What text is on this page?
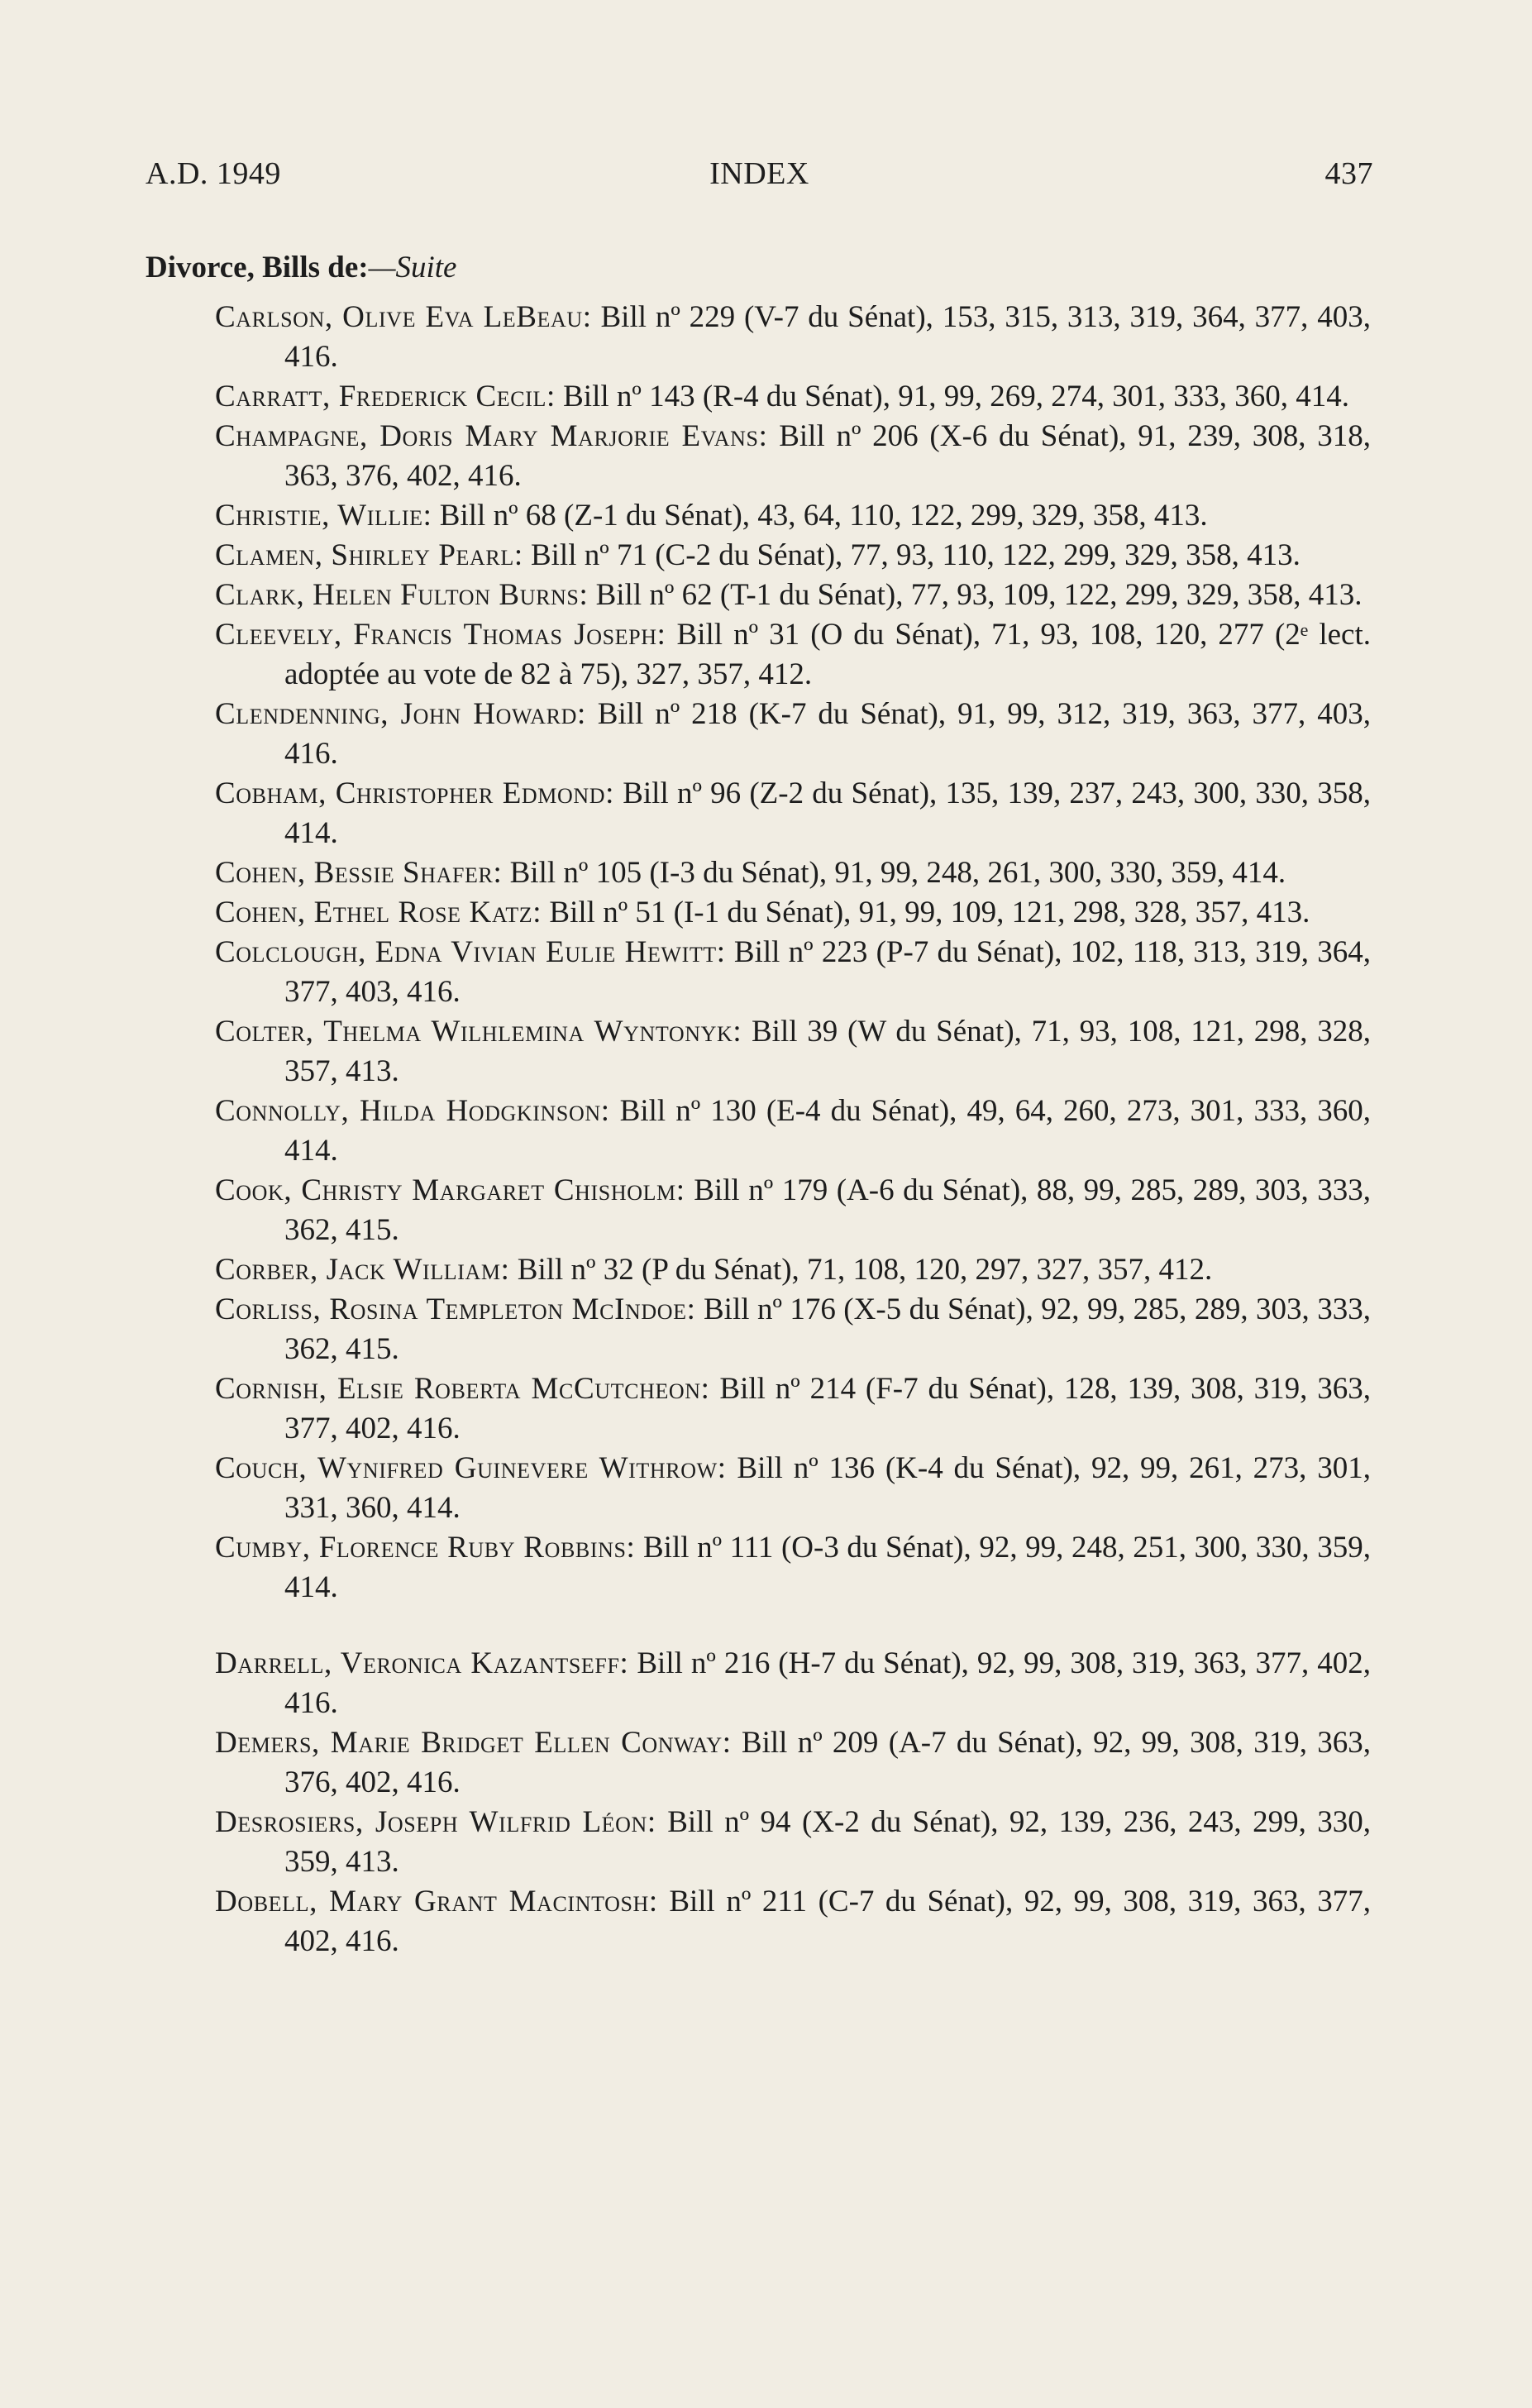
A.D. 1949	INDEX	437
Divorce, Bills de:—Suite

Carlson, Olive Eva LeBeau: Bill nº 229 (V-7 du Sénat), 153, 315, 313, 319, 364, 377, 403, 416.

Carratt, Frederick Cecil: Bill nº 143 (R-4 du Sénat), 91, 99, 269, 274, 301, 333, 360, 414.

Champagne, Doris Mary Marjorie Evans: Bill nº 206 (X-6 du Sénat), 91, 239, 308, 318, 363, 376, 402, 416.

Christie, Willie: Bill nº 68 (Z-1 du Sénat), 43, 64, 110, 122, 299, 329, 358, 413.

Clamen, Shirley Pearl: Bill nº 71 (C-2 du Sénat), 77, 93, 110, 122, 299, 329, 358, 413.

Clark, Helen Fulton Burns: Bill nº 62 (T-1 du Sénat), 77, 93, 109, 122, 299, 329, 358, 413.

Cleevely, Francis Thomas Joseph: Bill nº 31 (O du Sénat), 71, 93, 108, 120, 277 (2ᵉ lect. adoptée au vote de 82 à 75), 327, 357, 412.

Clendenning, John Howard: Bill nº 218 (K-7 du Sénat), 91, 99, 312, 319, 363, 377, 403, 416.

Cobham, Christopher Edmond: Bill nº 96 (Z-2 du Sénat), 135, 139, 237, 243, 300, 330, 358, 414.

Cohen, Bessie Shafer: Bill nº 105 (I-3 du Sénat), 91, 99, 248, 261, 300, 330, 359, 414.

Cohen, Ethel Rose Katz: Bill nº 51 (I-1 du Sénat), 91, 99, 109, 121, 298, 328, 357, 413.

Colclough, Edna Vivian Eulie Hewitt: Bill nº 223 (P-7 du Sénat), 102, 118, 313, 319, 364, 377, 403, 416.

Colter, Thelma Wilhlemina Wyntonyk: Bill 39 (W du Sénat), 71, 93, 108, 121, 298, 328, 357, 413.

Connolly, Hilda Hodgkinson: Bill nº 130 (E-4 du Sénat), 49, 64, 260, 273, 301, 333, 360, 414.

Cook, Christy Margaret Chisholm: Bill nº 179 (A-6 du Sénat), 88, 99, 285, 289, 303, 333, 362, 415.

Corber, Jack William: Bill nº 32 (P du Sénat), 71, 108, 120, 297, 327, 357, 412.

Corliss, Rosina Templeton McIndoe: Bill nº 176 (X-5 du Sénat), 92, 99, 285, 289, 303, 333, 362, 415.

Cornish, Elsie Roberta McCutcheon: Bill nº 214 (F-7 du Sénat), 128, 139, 308, 319, 363, 377, 402, 416.

Couch, Wynifred Guinevere Withrow: Bill nº 136 (K-4 du Sénat), 92, 99, 261, 273, 301, 331, 360, 414.

Cumby, Florence Ruby Robbins: Bill nº 111 (O-3 du Sénat), 92, 99, 248, 251, 300, 330, 359, 414.

Darrell, Veronica Kazantseff: Bill nº 216 (H-7 du Sénat), 92, 99, 308, 319, 363, 377, 402, 416.

Demers, Marie Bridget Ellen Conway: Bill nº 209 (A-7 du Sénat), 92, 99, 308, 319, 363, 376, 402, 416.

Desrosiers, Joseph Wilfrid Léon: Bill nº 94 (X-2 du Sénat), 92, 139, 236, 243, 299, 330, 359, 413.

Dobell, Mary Grant Macintosh: Bill nº 211 (C-7 du Sénat), 92, 99, 308, 319, 363, 377, 402, 416.
